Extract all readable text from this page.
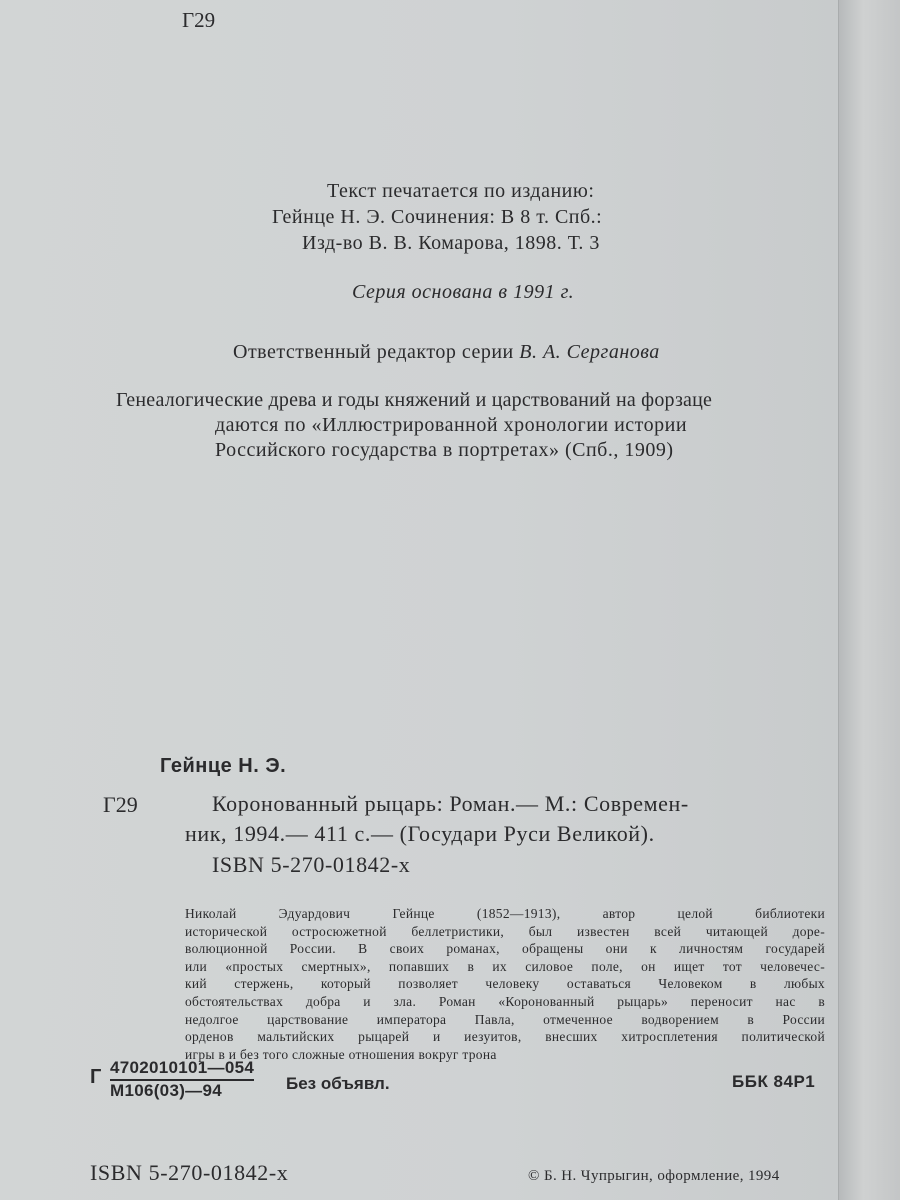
Г29
Текст печатается по изданию:
Гейнце Н. Э. Сочинения: В 8 т. Спб.:
Изд-во В. В. Комарова, 1898. Т. 3
Серия основана в 1991 г.
Ответственный редактор серии В. А. Серганова
Генеалогические древа и годы княжений и царствований на форзаце
даются по «Иллюстрированной хронологии истории
Российского государства в портретах» (Спб., 1909)
Гейнце Н. Э.
Г29	Коронованный рыцарь: Роман.— М.: Современ-
ник, 1994.— 411 с.— (Государи Руси Великой).
ISBN 5-270-01842-х
Николай Эдуардович Гейнце (1852—1913), автор целой библиотеки
исторической остросюжетной беллетристики, был известен всей читающей доре-
волюционной России. В своих романах, обращены они к личностям государей
или «простых смертных», попавших в их силовое поле, он ищет тот человечес-
кий стержень, который позволяет человеку оставаться Человеком в любых
обстоятельствах добра и зла. Роман «Коронованный рыцарь» переносит нас в
недолгое царствование императора Павла, отмеченное водворением в России
орденов мальтийских рыцарей и иезуитов, внесших хитросплетения политической
игры в и без того сложные отношения вокруг трона
Г 4702010101—054
М106(03)—94	Без объявл.	ББК 84Р1
ISBN 5-270-01842-х	© Б. Н. Чупрыгин, оформление, 1994
